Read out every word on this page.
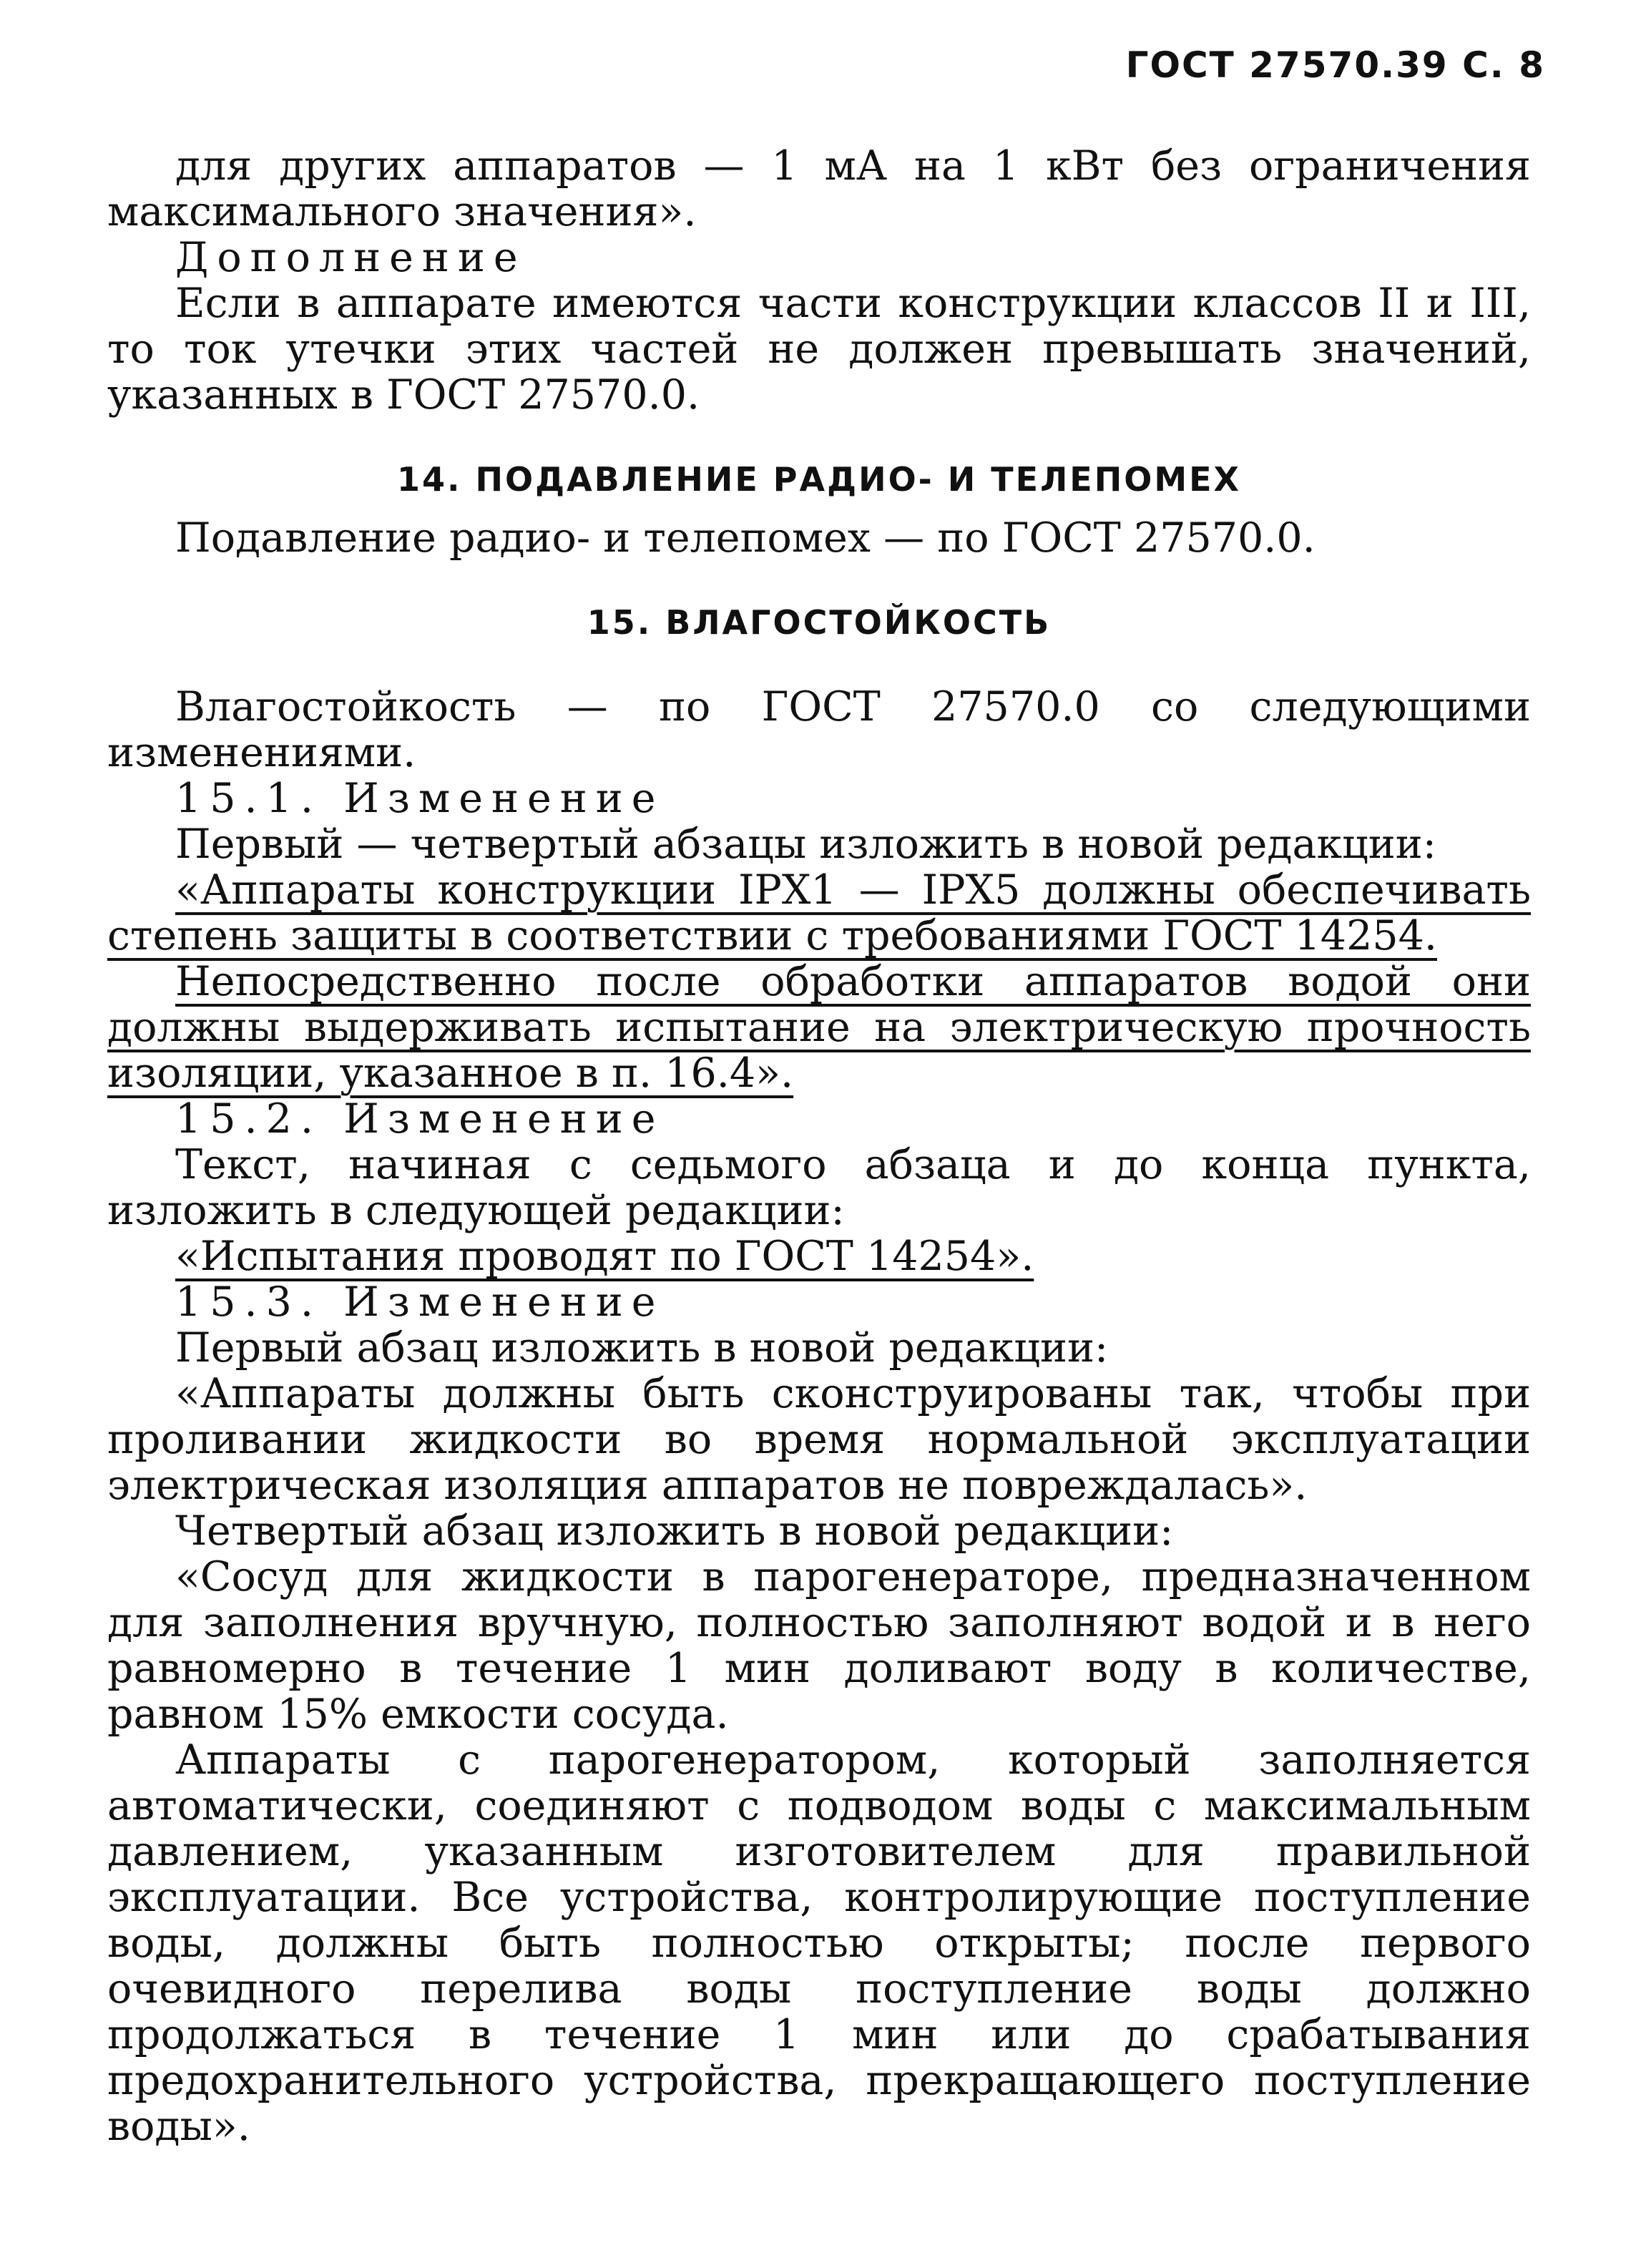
ГОСТ 27570.39 С. 8

для других аппаратов — 1 мА на 1 кВт без ограничения максимального значения».

Дополнение

Если в аппарате имеются части конструкции классов II и III, то ток утечки этих частей не должен превышать значений, указанных в ГОСТ 27570.0.

14. ПОДАВЛЕНИЕ РАДИО- И ТЕЛЕПОМЕХ

Подавление радио- и телепомех — по ГОСТ 27570.0.

15. ВЛАГОСТОЙКОСТЬ

Влагостойкость — по ГОСТ 27570.0 со следующими изменениями.

15.1. Изменение

Первый — четвертый абзацы изложить в новой редакции:

«Аппараты конструкции IPX1 — IPX5 должны обеспечивать степень защиты в соответствии с требованиями ГОСТ 14254.

Непосредственно после обработки аппаратов водой они должны выдерживать испытание на электрическую прочность изоляции, указанное в п. 16.4».

15.2. Изменение

Текст, начиная с седьмого абзаца и до конца пункта, изложить в следующей редакции:

«Испытания проводят по ГОСТ 14254».

15.3. Изменение

Первый абзац изложить в новой редакции:

«Аппараты должны быть сконструированы так, чтобы при проливании жидкости во время нормальной эксплуатации электрическая изоляция аппаратов не повреждалась».

Четвертый абзац изложить в новой редакции:

«Сосуд для жидкости в парогенераторе, предназначенном для заполнения вручную, полностью заполняют водой и в него равномерно в течение 1 мин доливают воду в количестве, равном 15% емкости сосуда.

Аппараты с парогенератором, который заполняется автоматически, соединяют с подводом воды с максимальным давлением, указанным изготовителем для правильной эксплуатации. Все устройства, контролирующие поступление воды, должны быть полностью открыты; после первого очевидного перелива воды поступление воды должно продолжаться в течение 1 мин или до срабатывания предохранительного устройства, прекращающего поступление воды».
